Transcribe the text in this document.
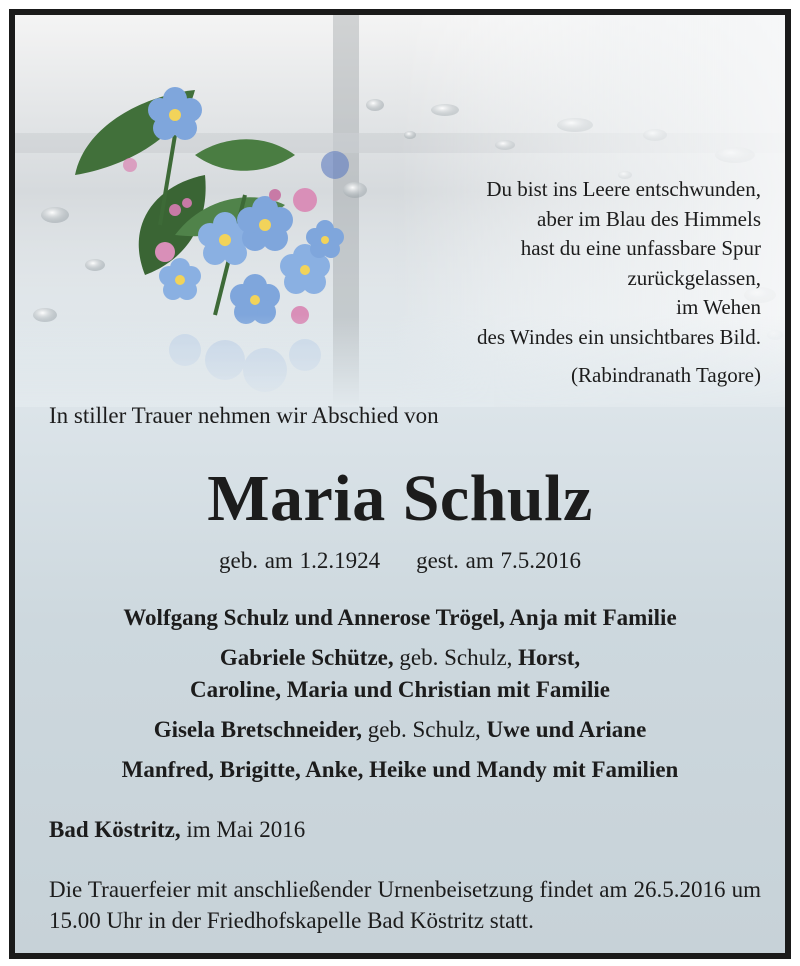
Du bist ins Leere entschwunden,
aber im Blau des Himmels
hast du eine unfassbare Spur
zurückgelassen,
im Wehen
des Windes ein unsichtbares Bild.
(Rabindranath Tagore)
In stiller Trauer nehmen wir Abschied von
Maria Schulz
geb. am 1.2.1924 gest. am 7.5.2016
Wolfgang Schulz und Annerose Trögel, Anja mit Familie
Gabriele Schütze, geb. Schulz, Horst,
Caroline, Maria und Christian mit Familie
Gisela Bretschneider, geb. Schulz, Uwe und Ariane
Manfred, Brigitte, Anke, Heike und Mandy mit Familien
Bad Köstritz, im Mai 2016
Die Trauerfeier mit anschließender Urnenbeisetzung findet am 26.5.2016 um 15.00 Uhr in der Friedhofskapelle Bad Köstritz statt.
